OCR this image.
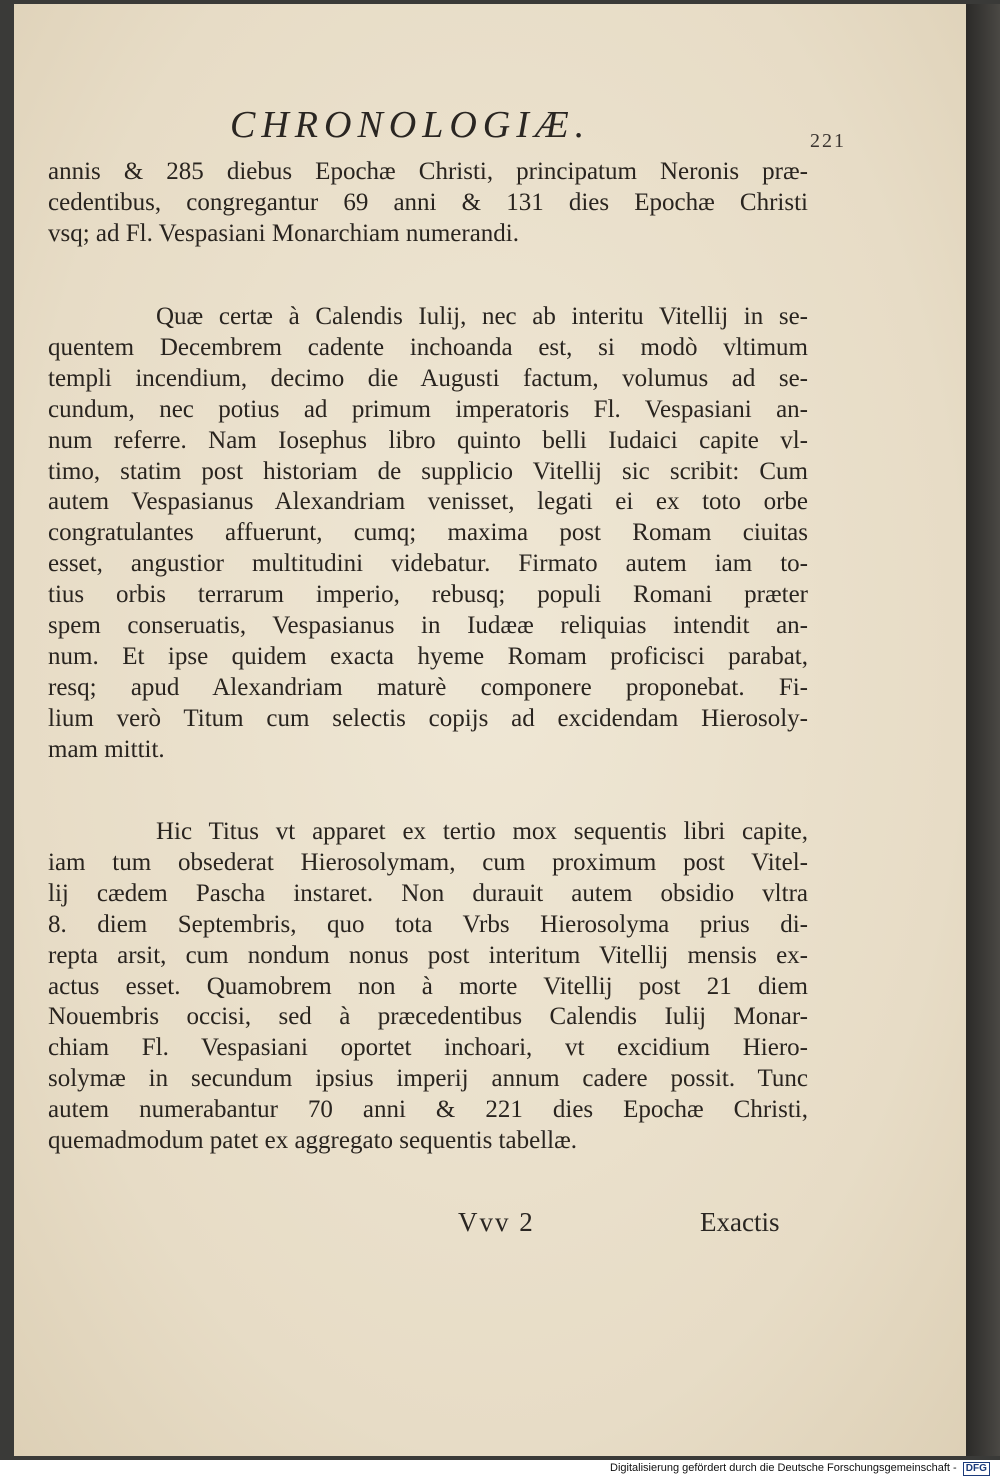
CHRONOLOGIÆ.	221
annis & 285 diebus Epochæ Christi, principatum Neronis præ-
cedentibus, congregantur 69 anni & 131 dies Epochæ Christi
vsq; ad Fl. Vespasiani Monarchiam numerandi.
Quæ certæ à Calendis Iulij, nec ab interitu Vitellij in se-
quentem Decembrem cadente inchoanda est, si modò vltimum
templi incendium, decimo die Augusti factum, volumus ad se-
cundum, nec potius ad primum imperatoris Fl. Vespasiani an-
num referre. Nam Iosephus libro quinto belli Iudaici capite vl-
timo, statim post historiam de supplicio Vitellij sic scribit: Cum
autem Vespasianus Alexandriam venisset, legati ei ex toto orbe
congratulantes affuerunt, cumq; maxima post Romam ciuitas
esset, angustior multitudini videbatur. Firmato autem iam to-
tius orbis terrarum imperio, rebusq; populi Romani præter
spem conseruatis, Vespasianus in Iudææ reliquias intendit an-
num. Et ipse quidem exacta hyeme Romam proficisci parabat,
resq; apud Alexandriam maturè componere proponebat. Fi-
lium verò Titum cum selectis copijs ad excidendam Hierosoly-
mam mittit.
Hic Titus vt apparet ex tertio mox sequentis libri capite,
iam tum obsederat Hierosolymam, cum proximum post Vitel-
lij cædem Pascha instaret. Non durauit autem obsidio vltra
8. diem Septembris, quo tota Vrbs Hierosolyma prius di-
repta arsit, cum nondum nonus post interitum Vitellij mensis ex-
actus esset. Quamobrem non à morte Vitellij post 21 diem
Nouembris occisi, sed à præcedentibus Calendis Iulij Monar-
chiam Fl. Vespasiani oportet inchoari, vt excidium Hiero-
solymæ in secundum ipsius imperij annum cadere possit. Tunc
autem numerabantur 70 anni & 221 dies Epochæ Christi,
quemadmodum patet ex aggregato sequentis tabellæ.
Vvv 2	Exactis
Digitalisierung gefördert durch die Deutsche Forschungsgemeinschaft - DFG
